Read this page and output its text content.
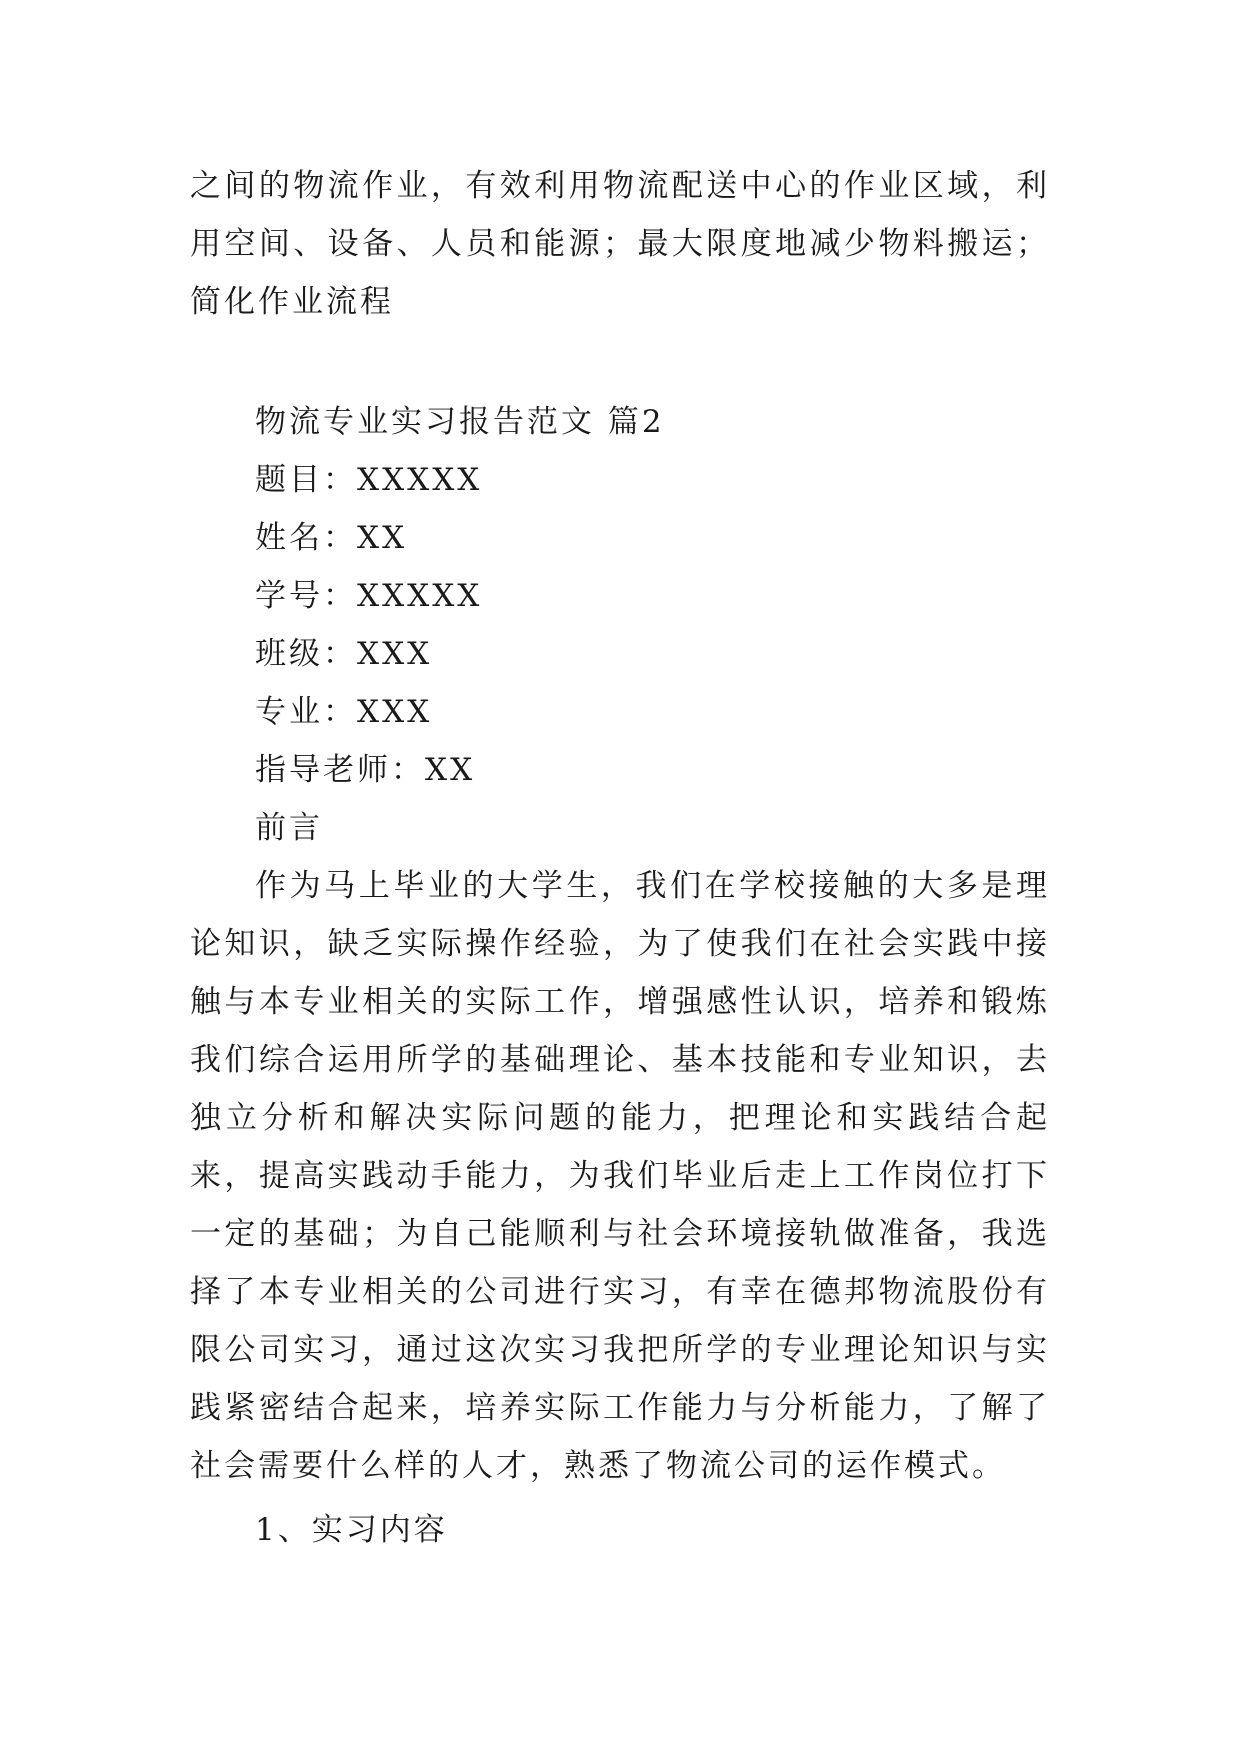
之间的物流作业，有效利用物流配送中心的作业区域，利用空间、设备、人员和能源；最大限度地减少物料搬运；简化作业流程

物流专业实习报告范文 篇2

题目：XXXXX

姓名：XX

学号：XXXXX

班级：XXX

专业：XXX

指导老师：XX

前言

作为马上毕业的大学生，我们在学校接触的大多是理论知识，缺乏实际操作经验，为了使我们在社会实践中接触与本专业相关的实际工作，增强感性认识，培养和锻炼我们综合运用所学的基础理论、基本技能和专业知识，去独立分析和解决实际问题的能力，把理论和实践结合起来，提高实践动手能力，为我们毕业后走上工作岗位打下一定的基础；为自己能顺利与社会环境接轨做准备，我选择了本专业相关的公司进行实习，有幸在德邦物流股份有限公司实习，通过这次实习我把所学的专业理论知识与实践紧密结合起来，培养实际工作能力与分析能力，了解了社会需要什么样的人才，熟悉了物流公司的运作模式。

1、实习内容
